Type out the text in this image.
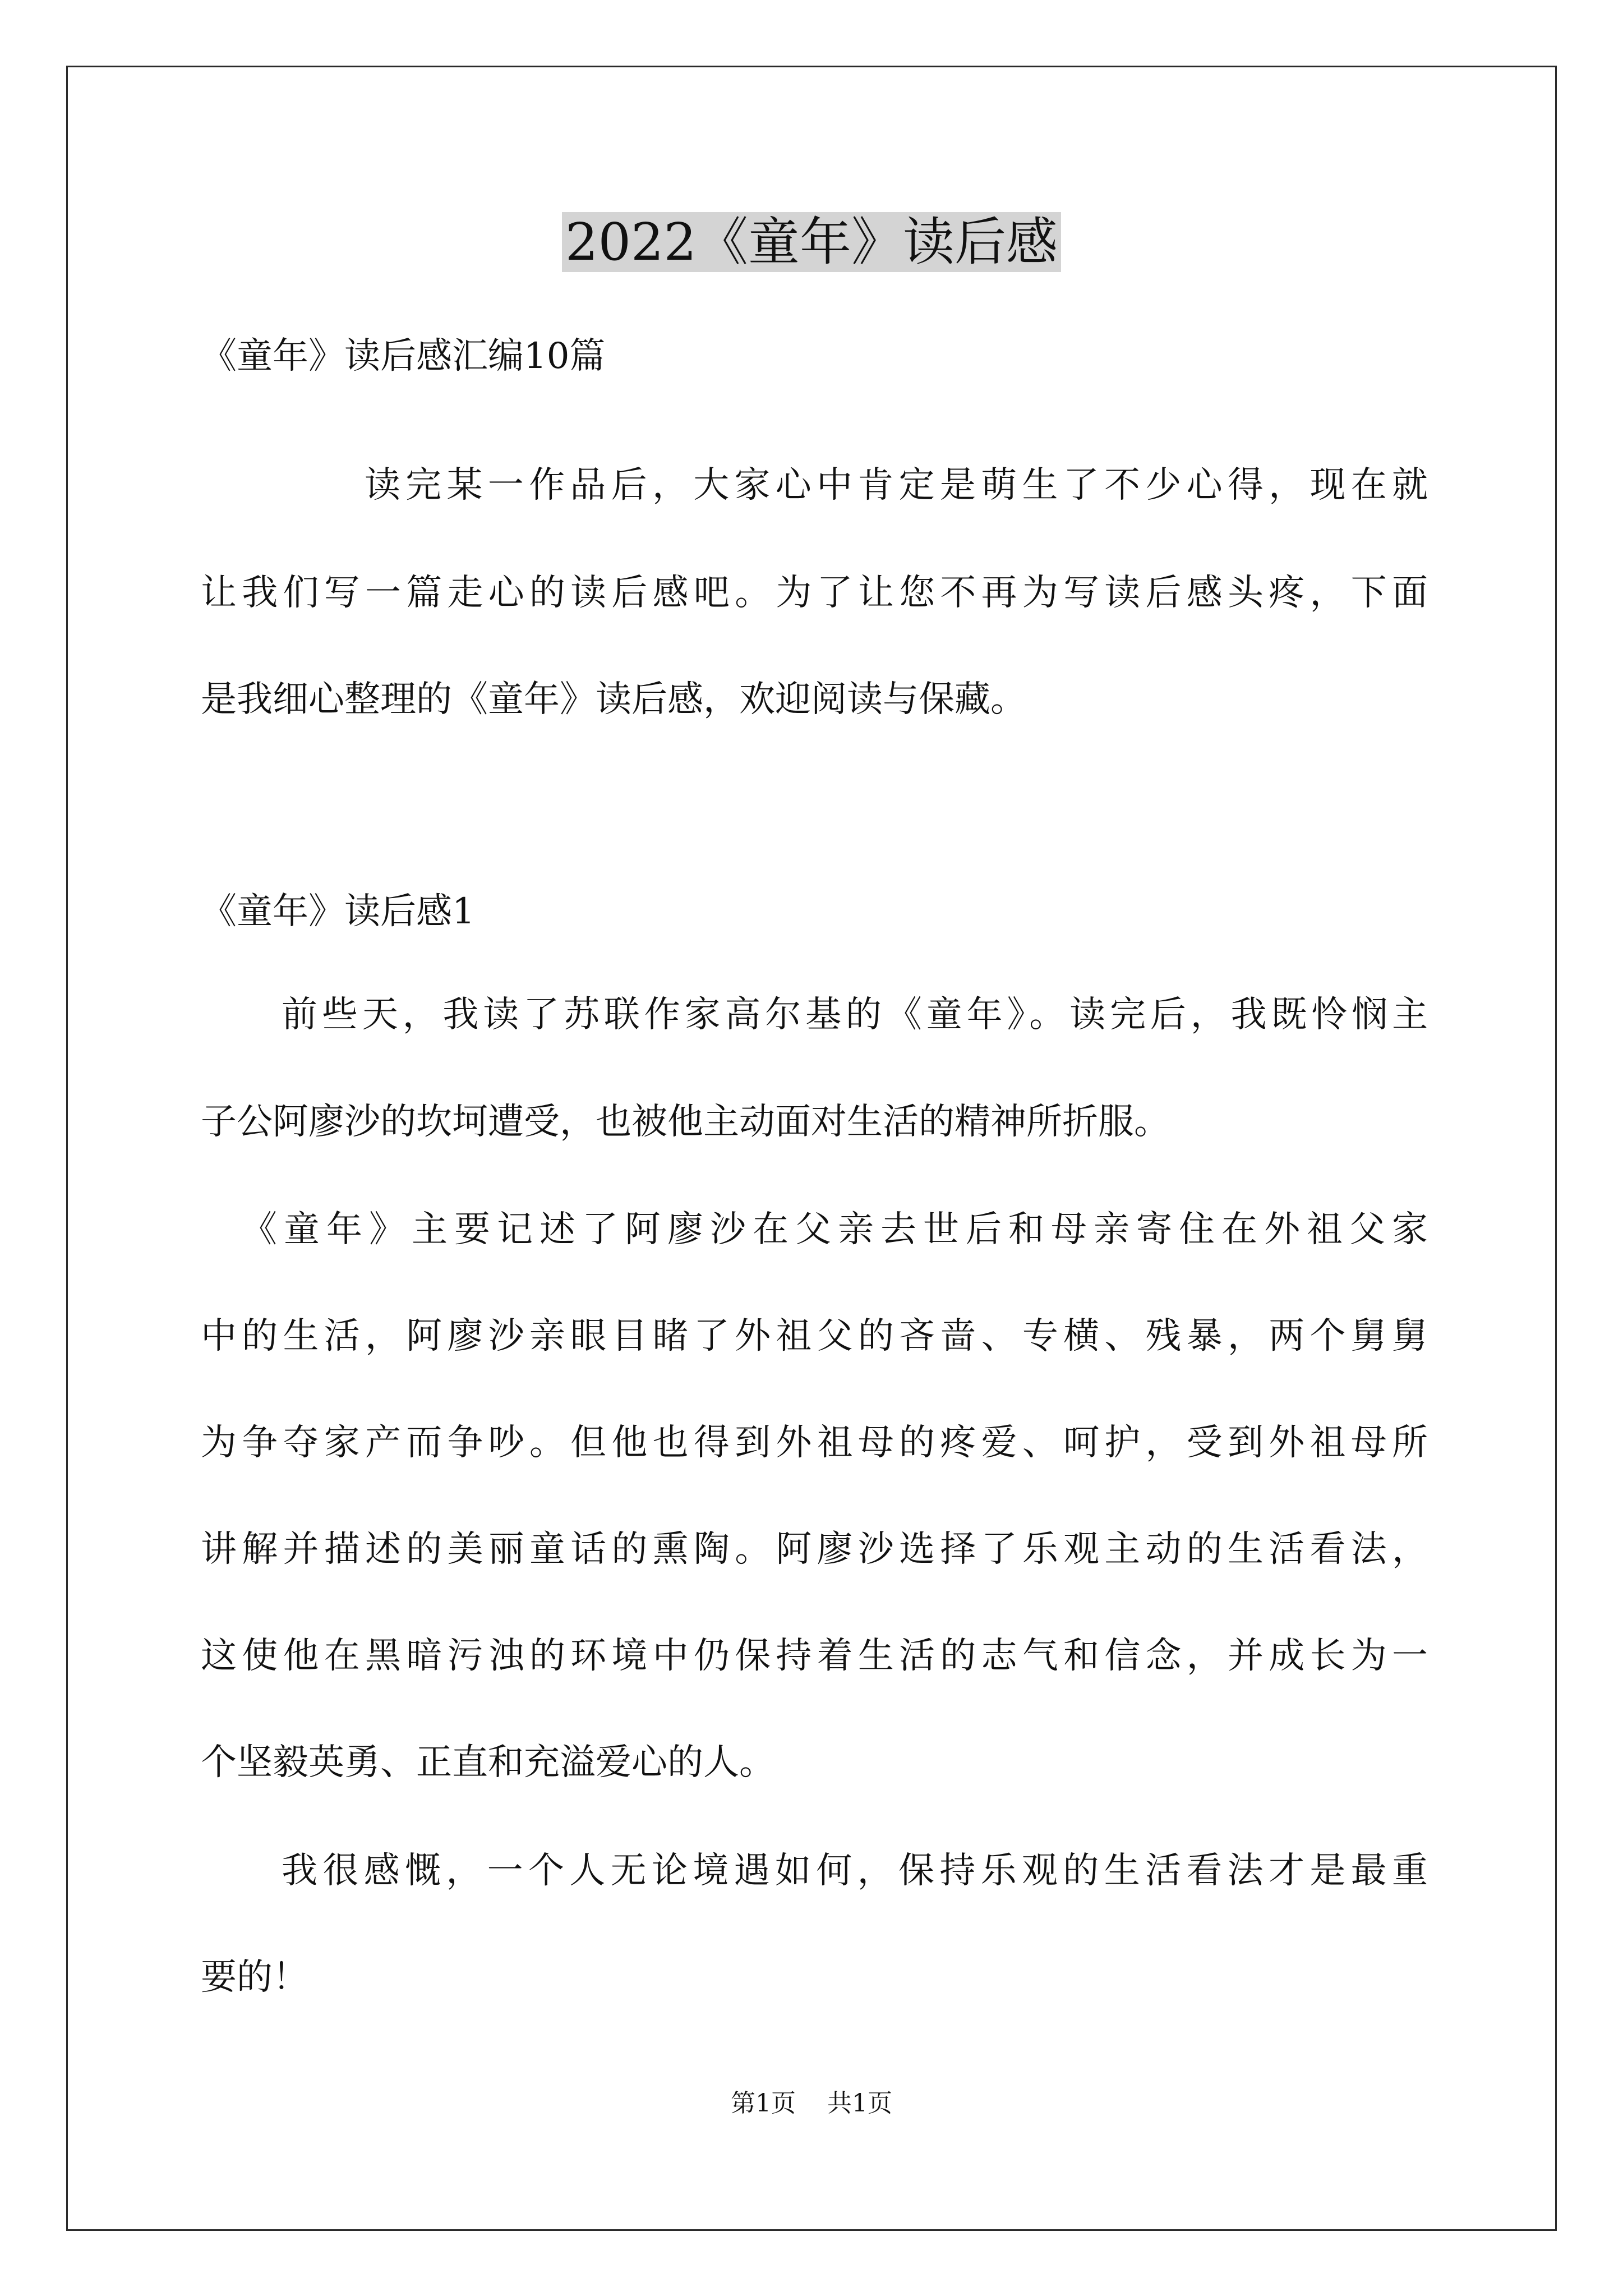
2022《童年》读后感
《童年》读后感汇编10篇
读完某一作品后，大家心中肯定是萌生了不少心得，现在就
让我们写一篇走心的读后感吧。为了让您不再为写读后感头疼，下面
是我细心整理的《童年》读后感，欢迎阅读与保藏。
《童年》读后感1
前些天，我读了苏联作家高尔基的《童年》。读完后，我既怜悯主
子公阿廖沙的坎坷遭受，也被他主动面对生活的精神所折服。
《童年》主要记述了阿廖沙在父亲去世后和母亲寄住在外祖父家
中的生活，阿廖沙亲眼目睹了外祖父的吝啬、专横、残暴，两个舅舅
为争夺家产而争吵。但他也得到外祖母的疼爱、呵护，受到外祖母所
讲解并描述的美丽童话的熏陶。阿廖沙选择了乐观主动的生活看法，
这使他在黑暗污浊的环境中仍保持着生活的志气和信念，并成长为一
个坚毅英勇、正直和充溢爱心的人。
我很感慨，一个人无论境遇如何，保持乐观的生活看法才是最重
要的！
第1页 共1页
